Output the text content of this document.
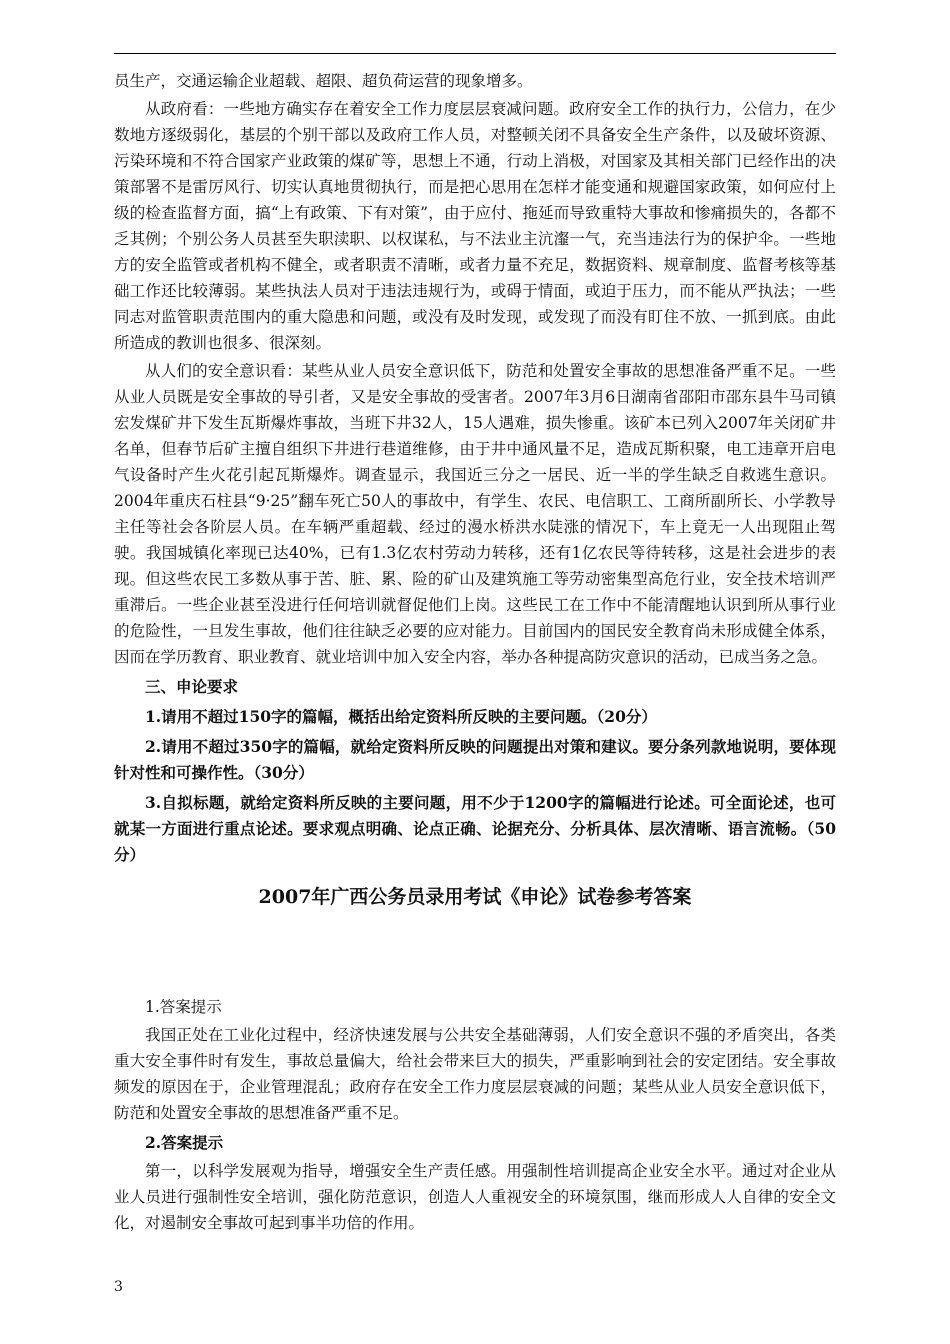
员生产，交通运输企业超载、超限、超负荷运营的现象增多。

从政府看：一些地方确实存在着安全工作力度层层衰减问题。政府安全工作的执行力，公信力，在少数地方逐级弱化，基层的个别干部以及政府工作人员，对整顿关闭不具备安全生产条件，以及破坏资源、污染环境和不符合国家产业政策的煤矿等，思想上不通，行动上消极，对国家及其相关部门已经作出的决策部署不是雷厉风行、切实认真地贯彻执行，而是把心思用在怎样才能变通和规避国家政策，如何应付上级的检查监督方面，搞“上有政策、下有对策”，由于应付、拖延而导致重特大事故和惨痛损失的，各都不乏其例；个别公务人员甚至失职渎职、以权谋私，与不法业主沆瀣一气，充当违法行为的保护伞。一些地方的安全监管或者机构不健全，或者职责不清晰，或者力量不充足，数据资料、规章制度、监督考核等基础工作还比较薄弱。某些执法人员对于违法违规行为，或碍于情面，或迫于压力，而不能从严执法；一些同志对监管职责范围内的重大隐患和问题，或没有及时发现，或发现了而没有盯住不放、一抓到底。由此所造成的教训也很多、很深刻。

从人们的安全意识看：某些从业人员安全意识低下，防范和处置安全事故的思想准备严重不足。一些从业人员既是安全事故的导引者，又是安全事故的受害者。2007年3月6日湖南省邵阳市邵东县牛马司镇宏发煤矿井下发生瓦斯爆炸事故，当班下井32人，15人遇难，损失惨重。该矿本已列入2007年关闭矿井名单，但春节后矿主擅自组织下井进行巷道维修，由于井中通风量不足，造成瓦斯积聚，电工违章开启电气设备时产生火花引起瓦斯爆炸。调查显示，我国近三分之一居民、近一半的学生缺乏自救逃生意识。2004年重庆石柱县“9·25”翻车死亡50人的事故中，有学生、农民、电信职工、工商所副所长、小学教导主任等社会各阶层人员。在车辆严重超载、经过的漫水桥洪水陡涨的情况下，车上竟无一人出现阻止驾驶。我国城镇化率现已达40%，已有1.3亿农村劳动力转移，还有1亿农民等待转移，这是社会进步的表现。但这些农民工多数从事于苦、脏、累、险的矿山及建筑施工等劳动密集型高危行业，安全技术培训严重滞后。一些企业甚至没进行任何培训就督促他们上岗。这些民工在工作中不能清醒地认识到所从事行业的危险性，一旦发生事故，他们往往缺乏必要的应对能力。目前国内的国民安全教育尚未形成健全体系，因而在学历教育、职业教育、就业培训中加入安全内容，举办各种提高防灾意识的活动，已成当务之急。

三、申论要求

1.请用不超过150字的篇幅，概括出给定资料所反映的主要问题。（20分）

2.请用不超过350字的篇幅，就给定资料所反映的问题提出对策和建议。要分条列款地说明，要体现针对性和可操作性。（30分）

3.自拟标题，就给定资料所反映的主要问题，用不少于1200字的篇幅进行论述。可全面论述，也可就某一方面进行重点论述。要求观点明确、论点正确、论据充分、分析具体、层次清晰、语言流畅。（50分）

2007年广西公务员录用考试《申论》试卷参考答案

1.答案提示

我国正处在工业化过程中，经济快速发展与公共安全基础薄弱，人们安全意识不强的矛盾突出，各类重大安全事件时有发生，事故总量偏大，给社会带来巨大的损失，严重影响到社会的安定团结。安全事故频发的原因在于，企业管理混乱；政府存在安全工作力度层层衰减的问题；某些从业人员安全意识低下，防范和处置安全事故的思想准备严重不足。

2.答案提示

第一，以科学发展观为指导，增强安全生产责任感。用强制性培训提高企业安全水平。通过对企业从业人员进行强制性安全培训，强化防范意识，创造人人重视安全的环境氛围，继而形成人人自律的安全文化，对遏制安全事故可起到事半功倍的作用。

3
